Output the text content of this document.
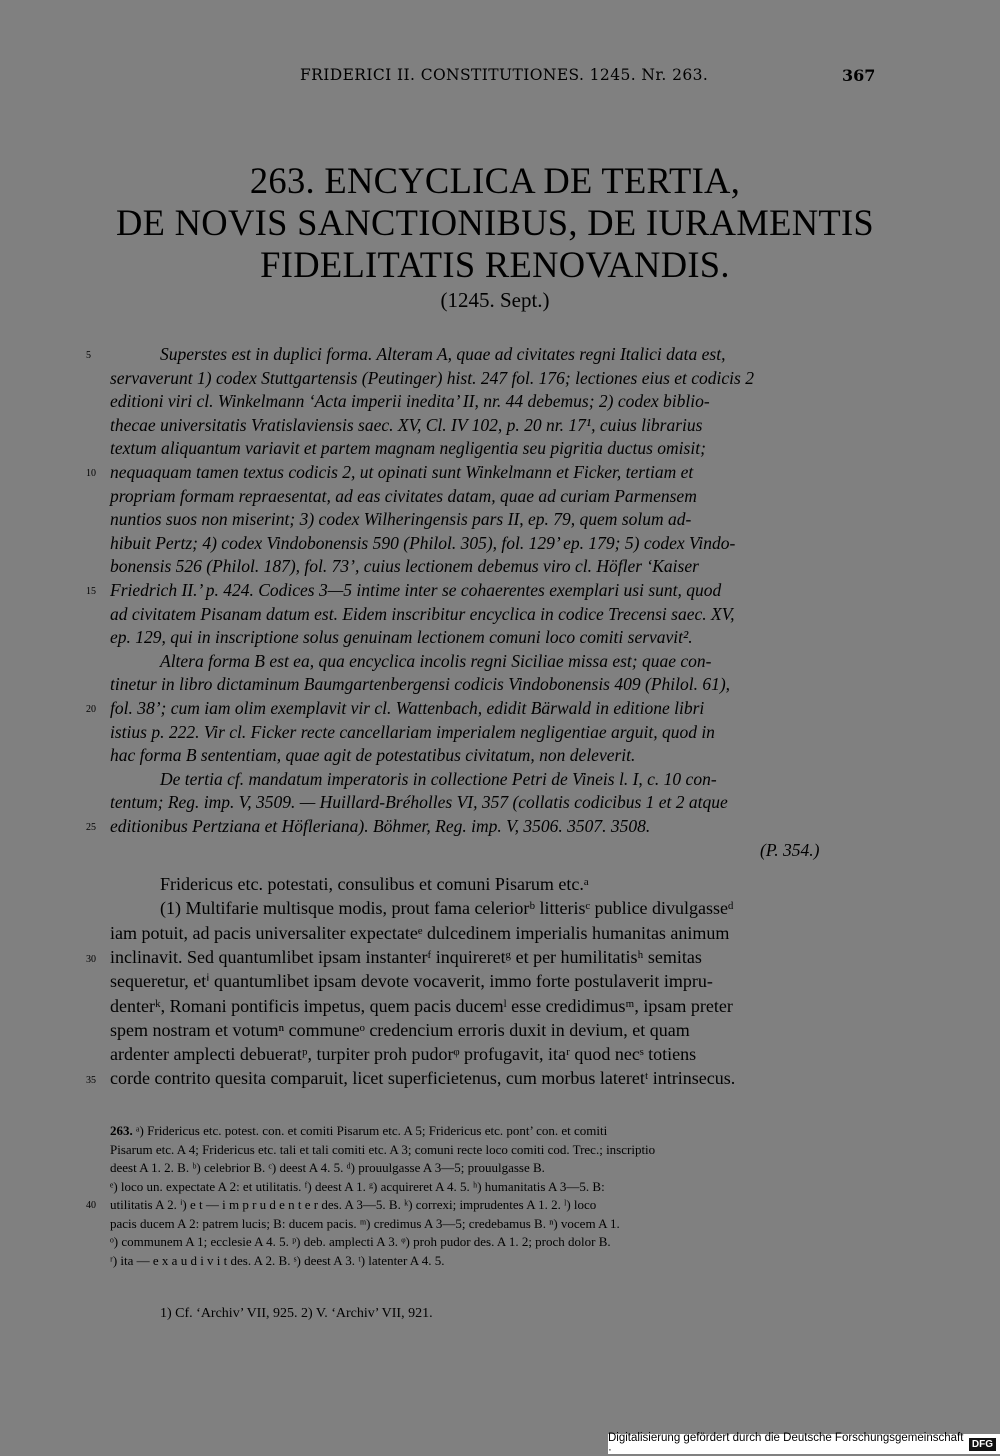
FRIDERICI II. CONSTITUTIONES. 1245. Nr. 263.	367
263. ENCYCLICA DE TERTIA,
DE NOVIS SANCTIONIBUS, DE IURAMENTIS
FIDELITATIS RENOVANDIS.
(1245. Sept.)
5	Superstes est in duplici forma. Alteram A, quae ad civitates regni Italici data est,
servaverunt 1) codex Stuttgartensis (Peutinger) hist. 247 fol. 176; lectiones eius et codicis 2
editioni viri cl. Winkelmann ‘Acta imperii inedita’ II, nr. 44 debemus; 2) codex biblio-
thecae universitatis Vratislaviensis saec. XV, Cl. IV 102, p. 20 nr. 17¹, cuius librarius
textum aliquantum variavit et partem magnam negligentia seu pigritia ductus omisit;
10 nequaquam tamen textus codicis 2, ut opinati sunt Winkelmann et Ficker, tertiam et
propriam formam repraesentat, ad eas civitates datam, quae ad curiam Parmensem
nuntios suos non miserint; 3) codex Wilheringensis pars II, ep. 79, quem solum ad-
hibuit Pertz; 4) codex Vindobonensis 590 (Philol. 305), fol. 129’ ep. 179; 5) codex Vindo-
bonensis 526 (Philol. 187), fol. 73’, cuius lectionem debemus viro cl. Höfler ‘Kaiser
15 Friedrich II.’ p. 424. Codices 3—5 intime inter se cohaerentes exemplari usi sunt, quod
ad civitatem Pisanam datum est. Eidem inscribitur encyclica in codice Trecensi saec. XV,
ep. 129, qui in inscriptione solus genuinam lectionem comuni loco comiti servavit².
Altera forma B est ea, qua encyclica incolis regni Siciliae missa est; quae con-
tinetur in libro dictaminum Baumgartenbergensi codicis Vindobonensis 409 (Philol. 61),
20 fol. 38’; cum iam olim exemplavit vir cl. Wattenbach, edidit Bärwald in editione libri
istius p. 222. Vir cl. Ficker recte cancellariam imperialem negligentiae arguit, quod in
hac forma B sententiam, quae agit de potestatibus civitatum, non deleverit.
De tertia cf. mandatum imperatoris in collectione Petri de Vineis l. I, c. 10 con-
tentum; Reg. imp. V, 3509. — Huillard-Bréholles VI, 357 (collatis codicibus 1 et 2 atque
25 editionibus Pertziana et Höfleriana). Böhmer, Reg. imp. V, 3506. 3507. 3508.
(P. 354.)
Fridericus etc. potestati, consulibus et comuni Pisarum etc.ᵃ
(1) Multifarie multisque modis, prout fama celeriorᵇ litterisᶜ publice divulgasseᵈ
iam potuit, ad pacis universaliter expectateᵉ dulcedinem imperialis humanitas animum
30 inclinavit. Sed quantumlibet ipsam instanterᶠ inquireretᵍ et per humilitatisʰ semitas
sequeretur, etⁱ quantumlibet ipsam devote vocaverit, immo forte postulaverit impru-
denterᵏ, Romani pontificis impetus, quem pacis ducemˡ esse credidimusᵐ, ipsam preter
spem nostram et votumⁿ communeᵒ credencium erroris duxit in devium, et quam
ardenter amplecti debueratᵖ, turpiter proh pudorᵠ profugavit, itaʳ quod necˢ totiens
35 corde contrito quesita comparuit, licet superficietenus, cum morbus lateretᵗ intrinsecus.
263. ᵃ) Fridericus etc. potest. con. et comiti Pisarum etc. A 5; Fridericus etc. pont’ con. et comiti
Pisarum etc. A 4; Fridericus etc. tali et tali comiti etc. A 3; comuni recte loco comiti cod. Trec.; inscriptio
deest A 1. 2. B. ᵇ) celebrior B. ᶜ) deest A 4. 5. ᵈ) prouulgasse A 3—5; prouulgasse B.
ᵉ) loco un. expectate A 2: et utilitatis. ᶠ) deest A 1. ᵍ) acquireret A 4. 5. ʰ) humanitatis A 3—5. B:
40 utilitatis A 2. ⁱ) e t — i m p r u d e n t e r des. A 3—5. B. ᵏ) correxi; imprudentes A 1. 2. ˡ) loco
pacis ducem A 2: patrem lucis; B: ducem pacis. ᵐ) credimus A 3—5; credebamus B. ⁿ) vocem A 1.
ᵒ) communem A 1; ecclesie A 4. 5. ᵖ) deb. amplecti A 3. ᵠ) proh pudor des. A 1. 2; proch dolor B.
ʳ) ita — e x a u d i v i t des. A 2. B. ˢ) deest A 3. ᵗ) latenter A 4. 5.
1) Cf. ‘Archiv’ VII, 925. 2) V. ‘Archiv’ VII, 921.
Digitalisierung gefördert durch die Deutsche Forschungsgemeinschaft ·	DFG
